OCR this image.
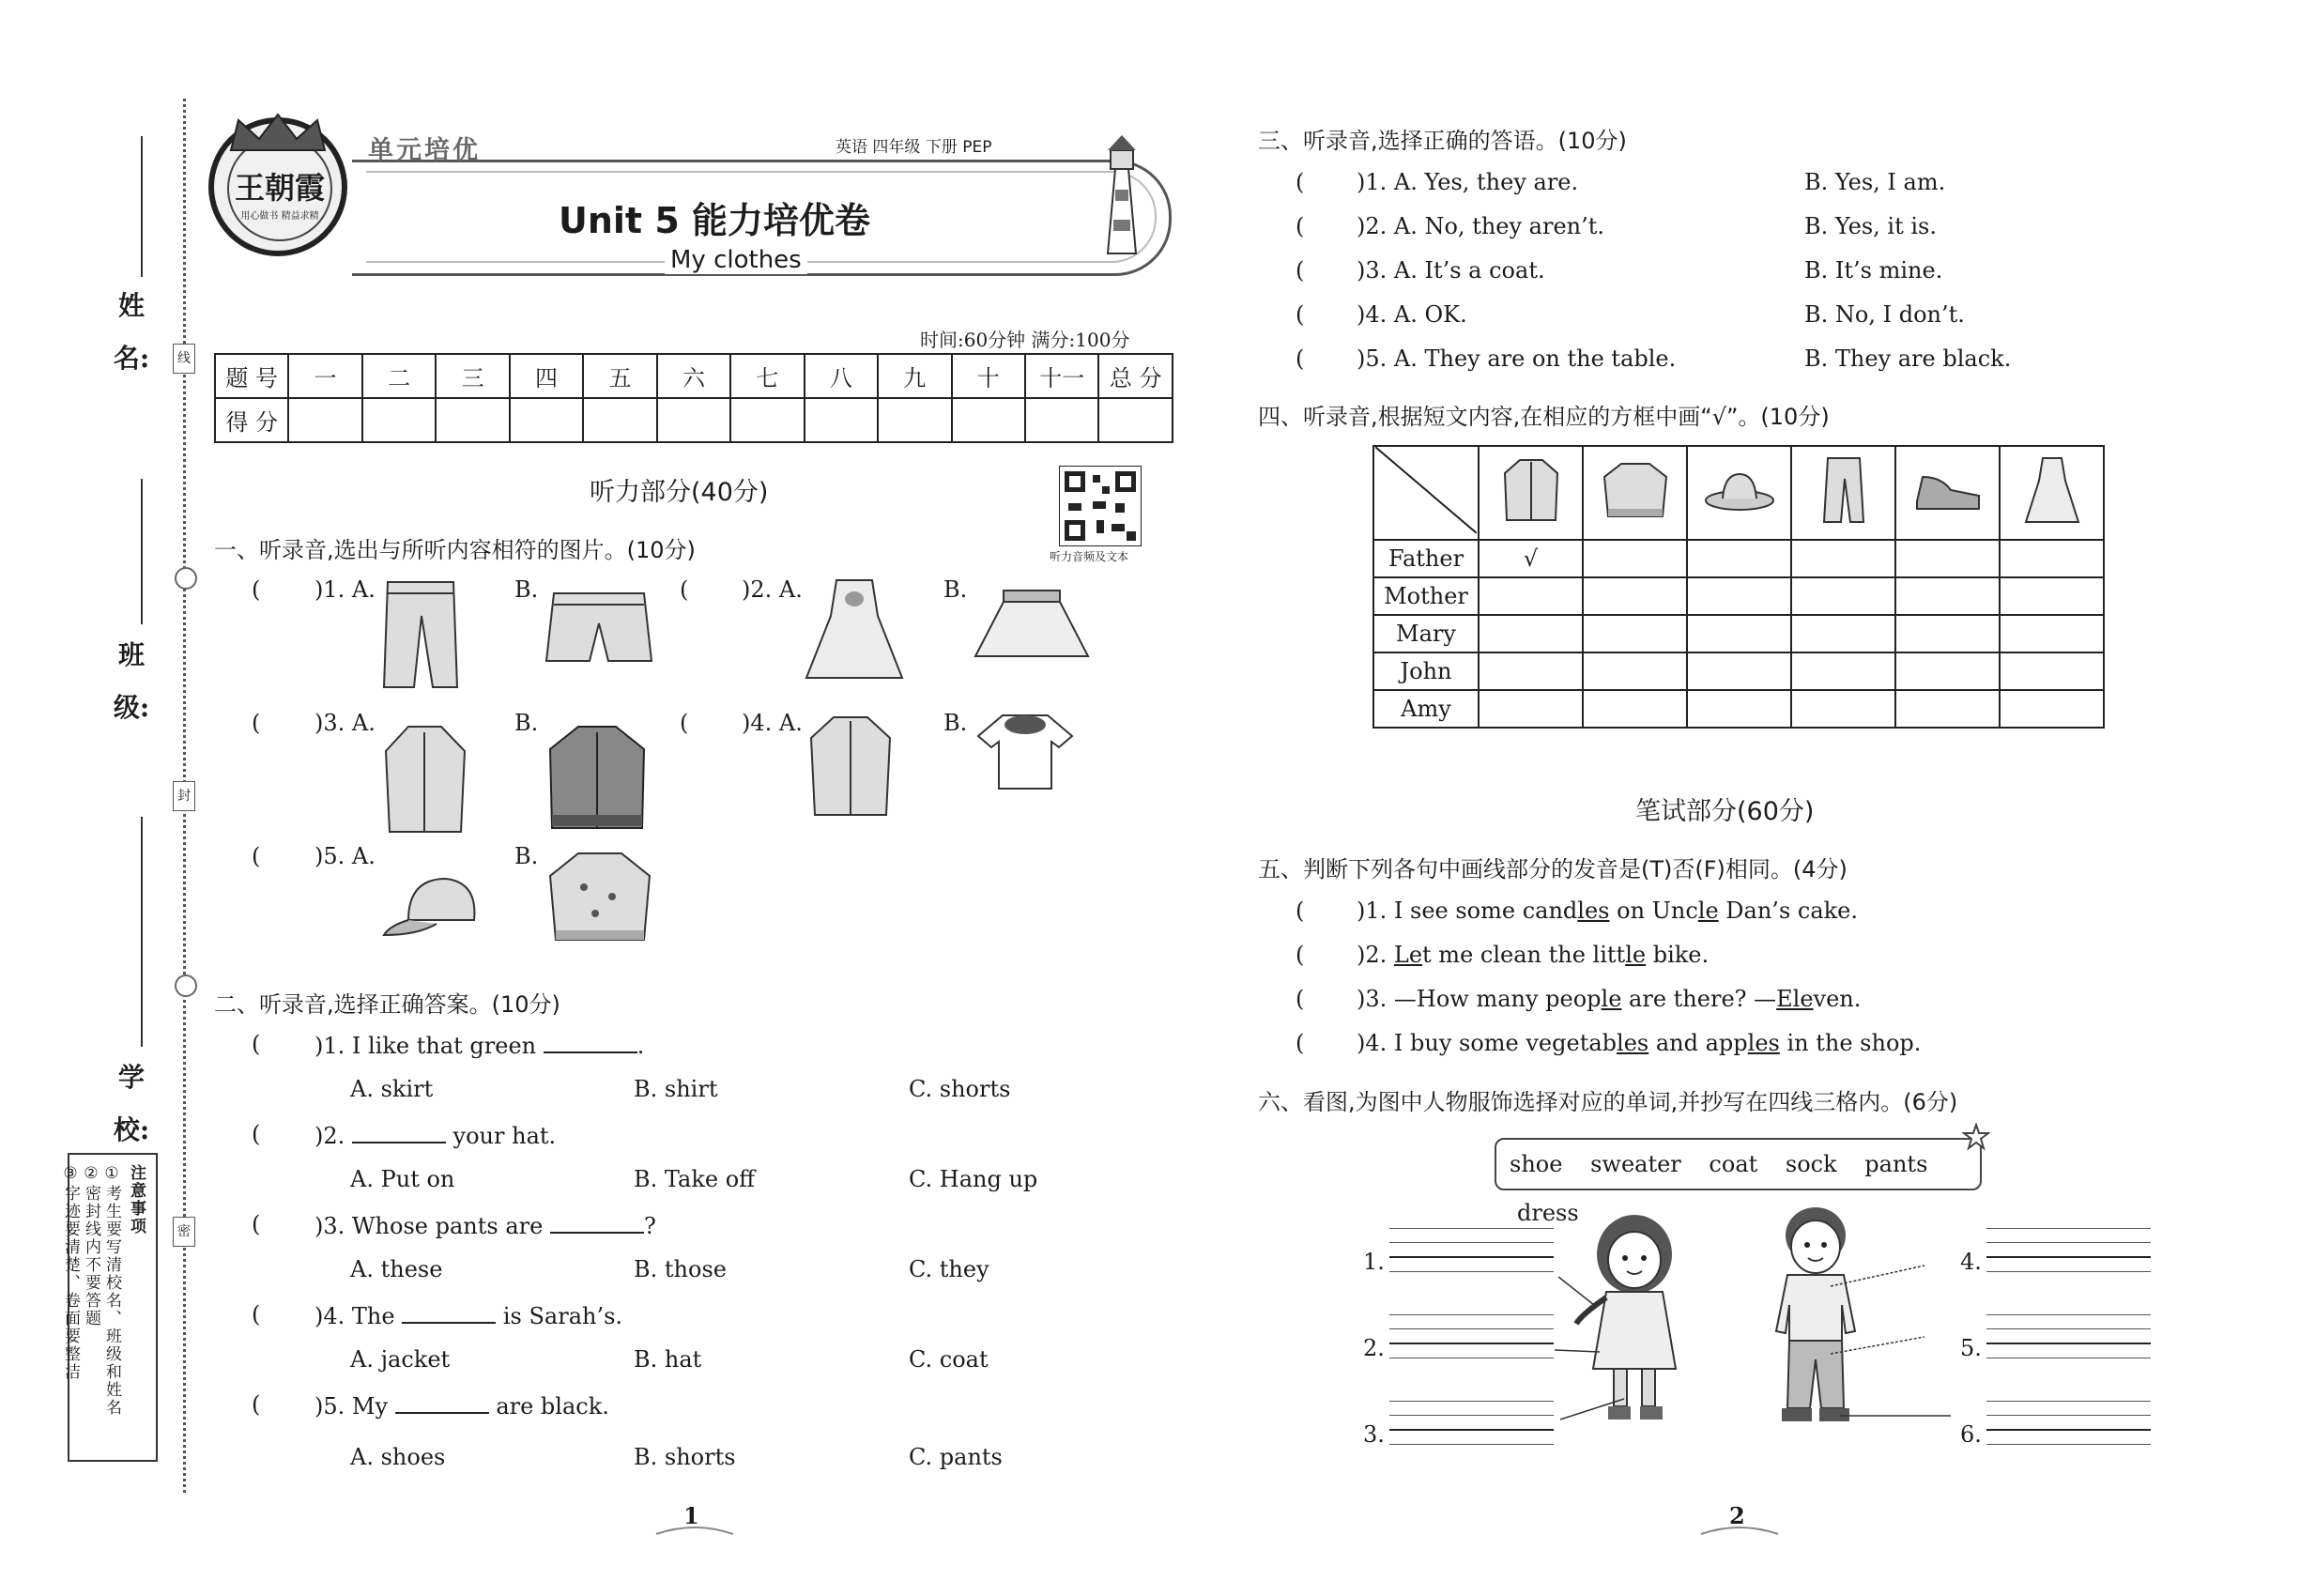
姓 名:
班 级:
学 校:
线
封
密
注意事项
①考生要写清校名、班级和姓名
②密封线内不要答题
③字迹要清楚、卷面要整洁
王朝霞
用心做书 精益求精
单元培优	英语 四年级 下册 PEP
Unit 5 能力培优卷
My clothes
时间:60分钟 满分:100分
题 号	一	二	三	四	五	六	七	八	九	十	十一	总 分
得 分												
听力部分(40分)
听力音频及文本
一、听录音,选出与所听内容相符的图片。(10分)
( )1. A.	B.	( )2. A.	B.
( )3. A.	B.	( )4. A.	B.
( )5. A.	B.
二、听录音,选择正确答案。(10分)
( )1. I like that green	.
A. skirt	B. shirt	C. shorts
( )2.	your hat.
A. Put on	B. Take off	C. Hang up
( )3. Whose pants are	?
A. these	B. those	C. they
( )4. The	is Sarah’s.
A. jacket	B. hat	C. coat
( )5. My	are black.
A. shoes	B. shorts	C. pants
1
三、听录音,选择正确的答语。(10分)
( )1. A. Yes, they are.	B. Yes, I am.
( )2. A. No, they aren’t.	B. Yes, it is.
( )3. A. It’s a coat.	B. It’s mine.
( )4. A. OK.	B. No, I don’t.
( )5. A. They are on the table.	B. They are black.
四、听录音,根据短文内容,在相应的方框中画“√”。(10分)

Father	√					
Mother						
Mary						
John						
Amy						
笔试部分(60分)
五、判断下列各句中画线部分的发音是(T)否(F)相同。(4分)
( )1. I see some candles on Uncle Dan’s cake.
( )2. Let me clean the little bike.
( )3. —How many people are there? —Eleven.
( )4. I buy some vegetables and apples in the shop.
六、看图,为图中人物服饰选择对应的单词,并抄写在四线三格内。(6分)
shoe sweater coat sock pants dress
1.
2.
3.
4.
5.
6.
2
